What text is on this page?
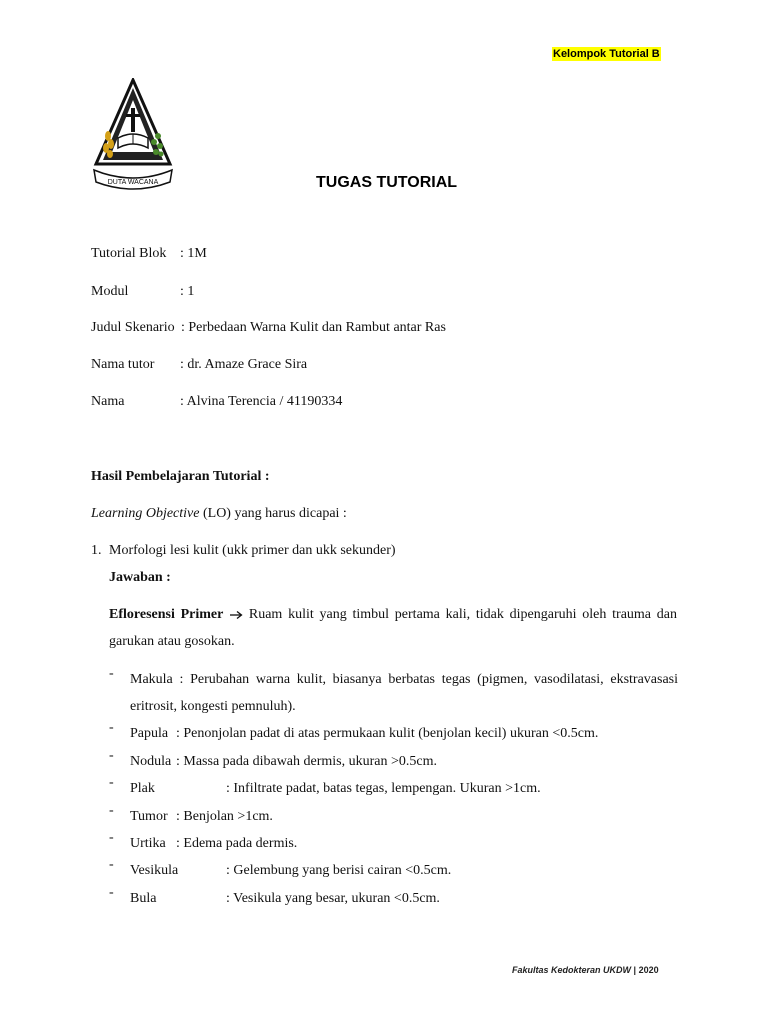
Kelompok Tutorial B
DUTA WACANA	TUGAS TUTORIAL
Tutorial Blok : 1M
Modul	: 1
Judul Skenario : Perbedaan Warna Kulit dan Rambut antar Ras
Nama tutor : dr. Amaze Grace Sira
Nama	: Alvina Terencia / 41190334
Hasil Pembelajaran Tutorial :
Learning Objective (LO) yang harus dicapai :
1. Morfologi lesi kulit (ukk primer dan ukk sekunder)
Jawaban :
Efloresensi Primer  Ruam kulit yang timbul pertama kali, tidak dipengaruhi oleh trauma dan garukan atau gosokan.
- Makula : Perubahan warna kulit, biasanya berbatas tegas (pigmen, vasodilatasi, ekstravasasi eritrosit, kongesti pemnuluh).
- Papula : Penonjolan padat di atas permukaan kulit (benjolan kecil) ukuran <0.5cm.
- Nodula : Massa pada dibawah dermis, ukuran >0.5cm.
- Plak	: Infiltrate padat, batas tegas, lempengan. Ukuran >1cm.
- Tumor : Benjolan >1cm.
- Urtika : Edema pada dermis.
- Vesikula	: Gelembung yang berisi cairan <0.5cm.
- Bula	: Vesikula yang besar, ukuran <0.5cm.
Fakultas Kedokteran UKDW | 2020
